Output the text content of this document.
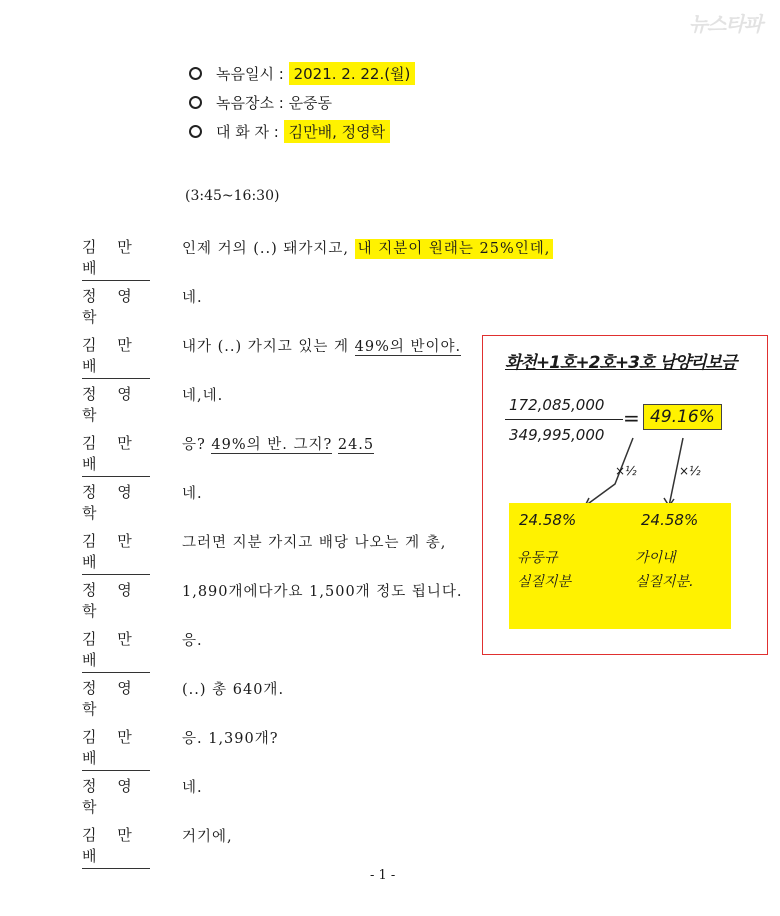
뉴스타파
녹음일시 : 2021. 2. 22.(월)
녹음장소 : 운중동
대 화 자 : 김만배, 정영학
(3:45~16:30)
김 만 배
인제 거의 (..) 돼가지고, 내 지분이 원래는 25%인데,
정 영 학
네.
김 만 배
내가 (..) 가지고 있는 게 49%의 반이야.
정 영 학
네,네.
김 만 배
응? 49%의 반. 그지? 24.5
정 영 학
네.
김 만 배
그러면 지분 가지고 배당 나오는 게 총,
정 영 학
1,890개에다가요 1,500개 정도 됩니다.
김 만 배
응.
정 영 학
(..) 총 640개.
김 만 배
응. 1,390개?
정 영 학
네.
김 만 배
거기에,
화천+1호+2호+3호 남양리보금
172,085,000
349,995,000
= 49.16%
×½	×½
24.58%	24.58%
유동규
실질지분
가이내
실질지분.
- 1 -
